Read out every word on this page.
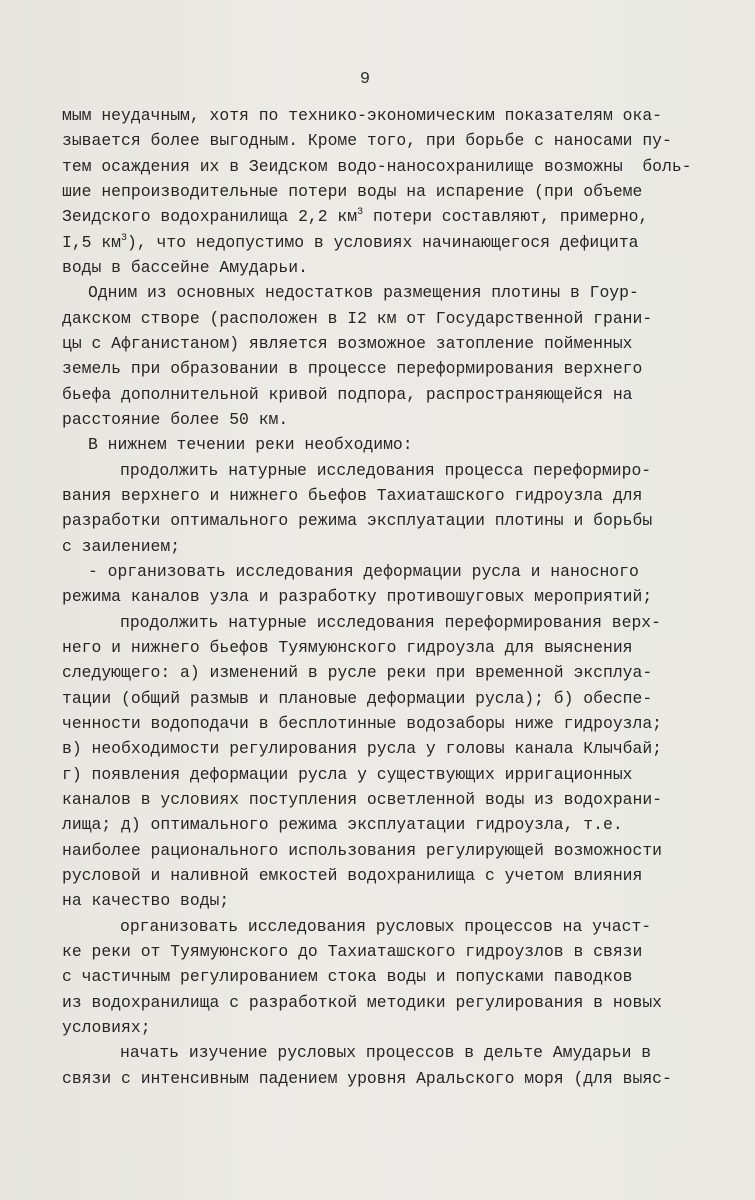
9
мым неудачным, хотя по технико-экономическим показателям ока-
зывается более выгодным. Кроме того, при борьбе с наносами пу-
тем осаждения их в Зеидском водо-наносохранилище возможны  боль-
шие непроизводительные потери воды на испарение (при объеме
Зеидского водохранилища 2,2 $км^3$ потери составляют, примерно,
I,5 $км^3$), что недопустимо в условиях начинающегося дефицита
воды в бассейне Амударьи.
Одним из основных недостатков размещения плотины в Гоур-
дакском створе (расположен в I2 км от Государственной грани-
цы с Афганистаном) является возможное затопление пойменных
земель при образовании в процессе переформирования верхнего
бьефа дополнительной кривой подпора, распространяющейся на
расстояние более 50 км.
В нижнем течении реки необходимо:
продолжить натурные исследования процесса переформиро-
вания верхнего и нижнего бьефов Тахиаташского гидроузла для
разработки оптимального режима эксплуатации плотины и борьбы
с заилением;
- организовать исследования деформации русла и наносного
режима каналов узла и разработку противошуговых мероприятий;
продолжить натурные исследования переформирования верх-
него и нижнего бьефов Туямуюнского гидроузла для выяснения
следующего: а) изменений в русле реки при временной эксплуа-
тации (общий размыв и плановые деформации русла); б) обеспе-
ченности водоподачи в бесплотинные водозаборы ниже гидроузла;
в) необходимости регулирования русла у головы канала Клычбай;
г) появления деформации русла у существующих ирригационных
каналов в условиях поступления осветленной воды из водохрани-
лища; д) оптимального режима эксплуатации гидроузла, т.е.
наиболее рационального использования регулирующей возможности
русловой и наливной емкостей водохранилища с учетом влияния
на качество воды;
организовать исследования русловых процессов на участ-
ке реки от Туямуюнского до Тахиаташского гидроузлов в связи
с частичным регулированием стока воды и попусками паводков
из водохранилища с разработкой методики регулирования в новых
условиях;
начать изучение русловых процессов в дельте Амударьи в
связи с интенсивным падением уровня Аральского моря (для выяс-
